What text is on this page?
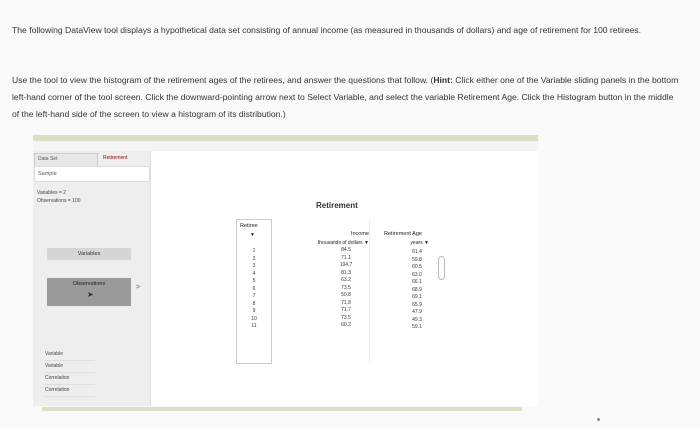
The following DataView tool displays a hypothetical data set consisting of annual income (as measured in thousands of dollars) and age of retirement for 100 retirees.
Use the tool to view the histogram of the retirement ages of the retirees, and answer the questions that follow. (Hint: Click either one of the Variable sliding panels in the bottom left-hand corner of the tool screen. Click the downward-pointing arrow next to Select Variable, and select the variable Retirement Age. Click the Histogram button in the middle of the left-hand side of the screen to view a histogram of its distribution.)
Data Set	Retirement
Sample
Variables = 2
Observations = 100
Variables
Observations
➤
>
Variable
Variable
Correlation
Correlation
Retirement
Retiree
▼
1
2
3
4
5
6
7
8
9
10
11
Income
thousands of dollars ▼
84.5
71.1
104.7
81.3
63.2
73.5
50.8
71.8
71.7
73.5
60.2
Retirement Age
years ▼
61.4
59.8
60.5
63.0
66.1
68.9
69.1
65.9
47.9
49.3
59.1
